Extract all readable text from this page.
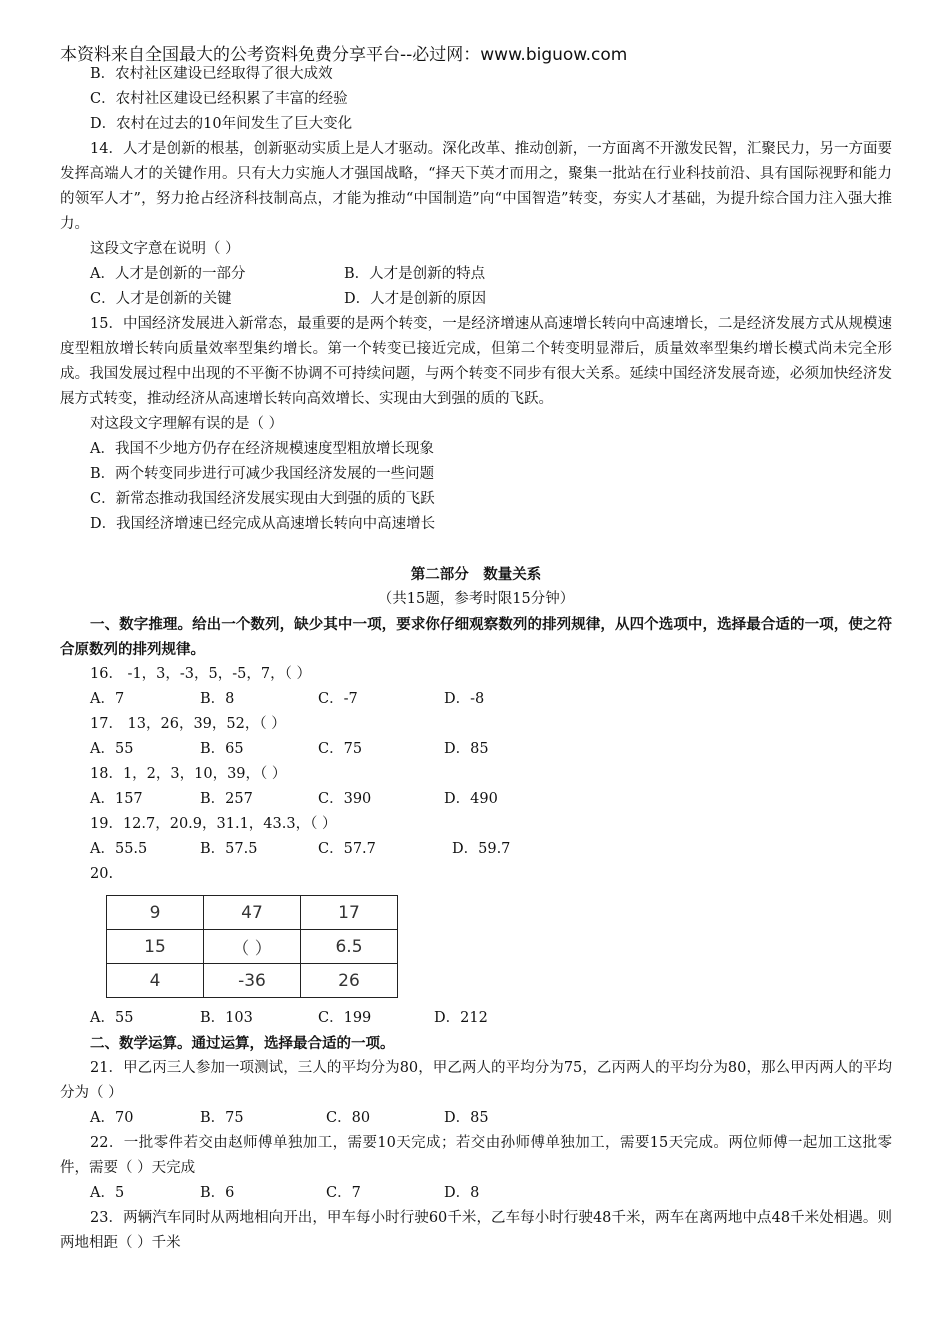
本资料来自全国最大的公考资料免费分享平台--必过网：www.biguow.com
B．农村社区建设已经取得了很大成效
C．农村社区建设已经积累了丰富的经验
D．农村在过去的10年间发生了巨大变化
14．人才是创新的根基，创新驱动实质上是人才驱动。深化改革、推动创新，一方面离不开激发民智，汇聚民力，另一方面要发挥高端人才的关键作用。只有大力实施人才强国战略，“择天下英才而用之，聚集一批站在行业科技前沿、具有国际视野和能力的领军人才”，努力抢占经济科技制高点，才能为推动“中国制造”向“中国智造”转变，夯实人才基础，为提升综合国力注入强大推力。
这段文字意在说明（ ）
A．人才是创新的一部分	B．人才是创新的特点
C．人才是创新的关键	D．人才是创新的原因
15．中国经济发展进入新常态，最重要的是两个转变，一是经济增速从高速增长转向中高速增长，二是经济发展方式从规模速度型粗放增长转向质量效率型集约增长。第一个转变已接近完成，但第二个转变明显滞后，质量效率型集约增长模式尚未完全形成。我国发展过程中出现的不平衡不协调不可持续问题，与两个转变不同步有很大关系。延续中国经济发展奇迹，必须加快经济发展方式转变，推动经济从高速增长转向高效增长、实现由大到强的质的飞跃。
对这段文字理解有误的是（ ）
A．我国不少地方仍存在经济规模速度型粗放增长现象
B．两个转变同步进行可减少我国经济发展的一些问题
C．新常态推动我国经济发展实现由大到强的质的飞跃
D．我国经济增速已经完成从高速增长转向中高速增长
第二部分　数量关系
（共15题，参考时限15分钟）
一、数字推理。给出一个数列，缺少其中一项，要求你仔细观察数列的排列规律，从四个选项中，选择最合适的一项，使之符合原数列的排列规律。
16． -1，3，-3，5，-5，7，（ ）
A．7	B．8	C．-7	D．-8
17． 13，26，39，52，（ ）
A．55	B．65	C．75	D．85
18．1，2，3，10，39，（ ）
A．157	B．257	C．390	D．490
19．12.7，20.9，31.1，43.3，（ ）
A．55.5	B．57.5	C．57.7	D．59.7
20.
9	47	17
15	（ ）	6.5
4	-36	26
A．55	B．103	C．199	D．212
二、数学运算。通过运算，选择最合适的一项。
21．甲乙丙三人参加一项测试，三人的平均分为80，甲乙两人的平均分为75，乙丙两人的平均分为80，那么甲丙两人的平均分为（ ）
A．70	B．75	C．80	D．85
22．一批零件若交由赵师傅单独加工，需要10天完成；若交由孙师傅单独加工，需要15天完成。两位师傅一起加工这批零件，需要（ ）天完成
A．5	B．6	C．7	D．8
23．两辆汽车同时从两地相向开出，甲车每小时行驶60千米，乙车每小时行驶48千米，两车在离两地中点48千米处相遇。则两地相距（ ）千米
